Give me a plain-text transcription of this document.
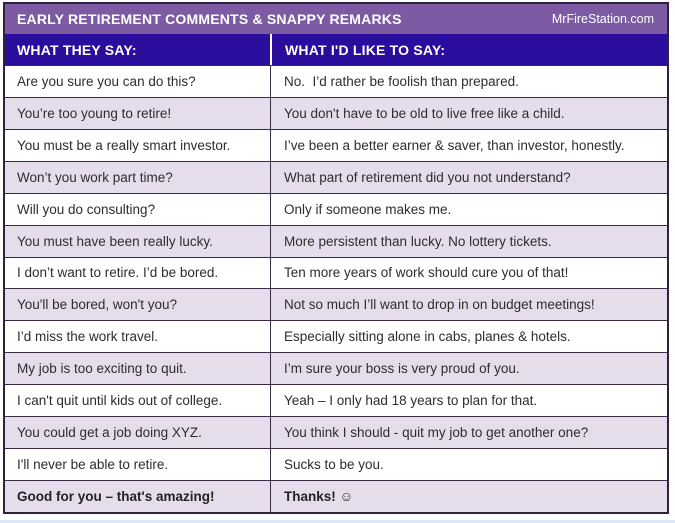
EARLY RETIREMENT COMMENTS & SNAPPY REMARKS	MrFireStation.com
WHAT THEY SAY:	WHAT I'D LIKE TO SAY:
Are you sure you can do this?	No.  I’d rather be foolish than prepared.
You’re too young to retire!	You don't have to be old to live free like a child.
You must be a really smart investor.	I’ve been a better earner & saver, than investor, honestly.
Won’t you work part time?	What part of retirement did you not understand?
Will you do consulting?	Only if someone makes me.
You must have been really lucky.	More persistent than lucky. No lottery tickets.
I don’t want to retire. I’d be bored.	Ten more years of work should cure you of that!
You'll be bored, won't you?	Not so much I’ll want to drop in on budget meetings!
I’d miss the work travel.	Especially sitting alone in cabs, planes & hotels.
My job is too exciting to quit.	I’m sure your boss is very proud of you.
I can't quit until kids out of college.	Yeah – I only had 18 years to plan for that.
You could get a job doing XYZ.	You think I should - quit my job to get another one?
I'll never be able to retire.	Sucks to be you.
Good for you – that's amazing!	Thanks! ☺
